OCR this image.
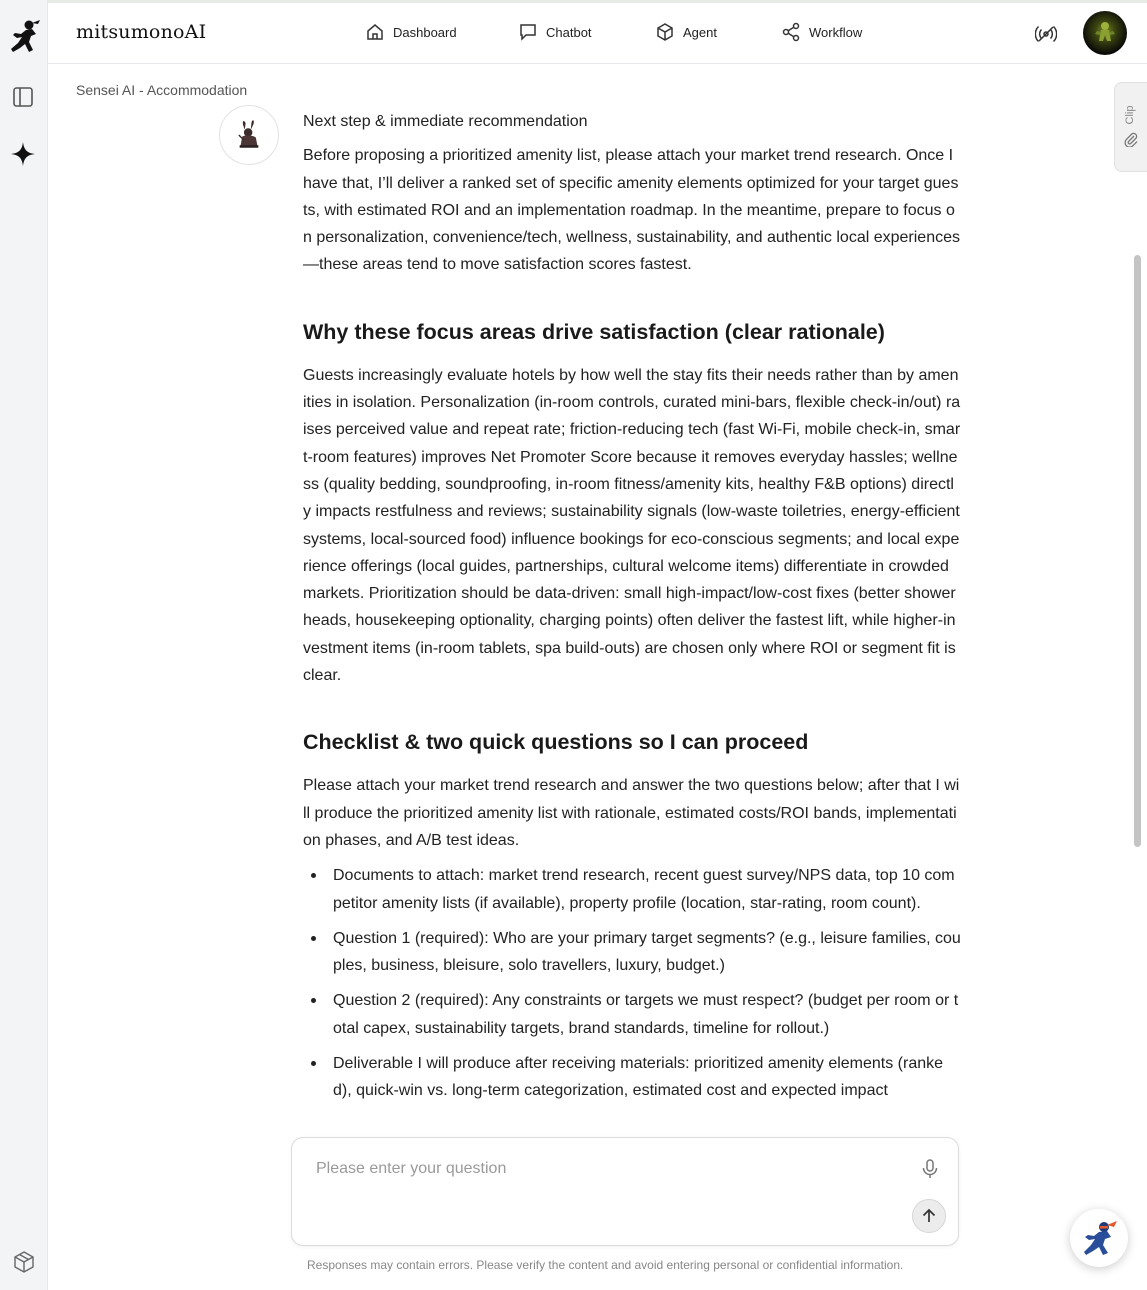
mitsumonoAI	Dashboard	Chatbot	Agent	Workflow
Sensei AI - Accommodation

Next step & immediate recommendation

Before proposing a prioritized amenity list, please attach your market trend research. Once I have that, I’ll deliver a ranked set of specific amenity elements optimized for your target guests, with estimated ROI and an implementation roadmap. In the meantime, prepare to focus on personalization, convenience/tech, wellness, sustainability, and authentic local experiences—these areas tend to move satisfaction scores fastest.

Why these focus areas drive satisfaction (clear rationale)

Guests increasingly evaluate hotels by how well the stay fits their needs rather than by amenities in isolation. Personalization (in-room controls, curated mini-bars, flexible check-in/out) raises perceived value and repeat rate; friction-reducing tech (fast Wi-Fi, mobile check-in, smart-room features) improves Net Promoter Score because it removes everyday hassles; wellness (quality bedding, soundproofing, in-room fitness/amenity kits, healthy F&B options) directly impacts restfulness and reviews; sustainability signals (low-waste toiletries, energy-efficient systems, local-sourced food) influence bookings for eco-conscious segments; and local experience offerings (local guides, partnerships, cultural welcome items) differentiate in crowded markets. Prioritization should be data-driven: small high-impact/low-cost fixes (better showerheads, housekeeping optionality, charging points) often deliver the fastest lift, while higher-investment items (in-room tablets, spa build-outs) are chosen only where ROI or segment fit is clear.

Checklist & two quick questions so I can proceed

Please attach your market trend research and answer the two questions below; after that I will produce the prioritized amenity list with rationale, estimated costs/ROI bands, implementation phases, and A/B test ideas.

Documents to attach: market trend research, recent guest survey/NPS data, top 10 competitor amenity lists (if available), property profile (location, star-rating, room count).
Question 1 (required): Who are your primary target segments? (e.g., leisure families, couples, business, bleisure, solo travellers, luxury, budget.)
Question 2 (required): Any constraints or targets we must respect? (budget per room or total capex, sustainability targets, brand standards, timeline for rollout.)
Deliverable I will produce after receiving materials: prioritized amenity elements (ranked), quick-win vs. long-term categorization, estimated cost and expected impact
Clip
Please enter your question
Responses may contain errors. Please verify the content and avoid entering personal or confidential information.
